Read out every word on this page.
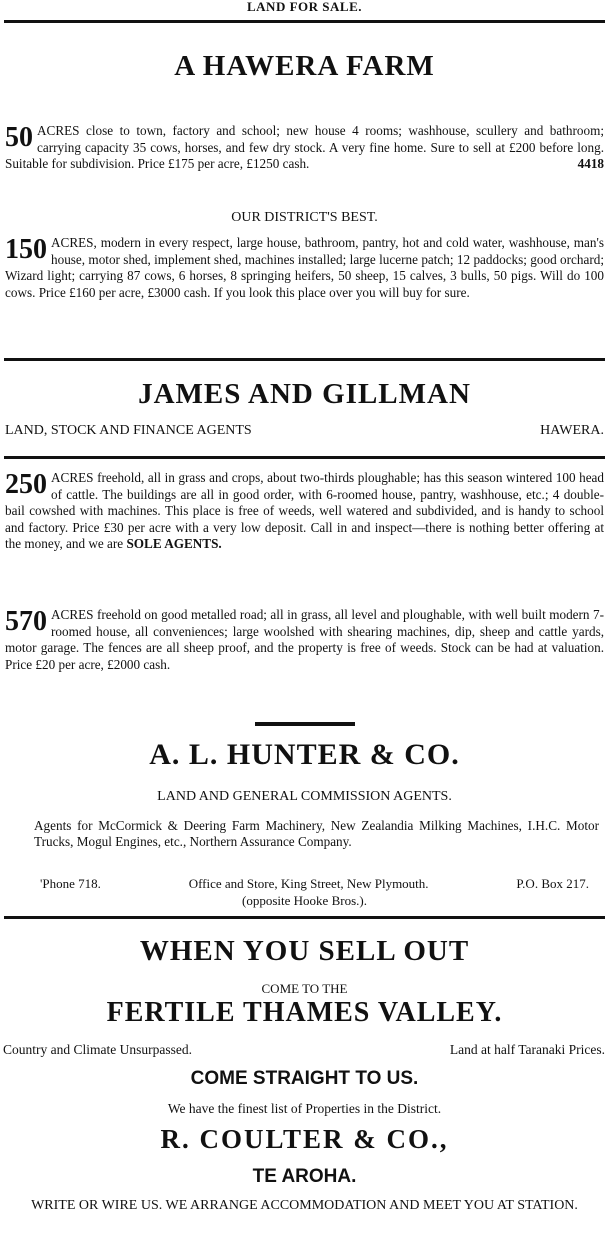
LAND FOR SALE.
A HAWERA FARM
50 ACRES close to town, factory and school; new house 4 rooms; washhouse, scullery and bathroom; carrying capacity 35 cows, horses, and few dry stock. A very fine home. Sure to sell at £200 before long. Suitable for subdivision. Price £175 per acre, £1250 cash.	4418
OUR DISTRICT'S BEST.
150 ACRES, modern in every respect, large house, bathroom, pantry, hot and cold water, washhouse, man's house, motor shed, implement shed, machines installed; large lucerne patch; 12 paddocks; good orchard; Wizard light; carrying 87 cows, 6 horses, 8 springing heifers, 50 sheep, 15 calves, 3 bulls, 50 pigs. Will do 100 cows. Price £160 per acre, £3000 cash. If you look this place over you will buy for sure.
JAMES AND GILLMAN
LAND, STOCK AND FINANCE AGENTS	HAWERA.
250 ACRES freehold, all in grass and crops, about two-thirds ploughable; has this season wintered 100 head of cattle. The buildings are all in good order, with 6-roomed house, pantry, washhouse, etc.; 4 double-bail cowshed with machines. This place is free of weeds, well watered and subdivided, and is handy to school and factory. Price £30 per acre with a very low deposit. Call in and inspect—there is nothing better offering at the money, and we are SOLE AGENTS.
570 ACRES freehold on good metalled road; all in grass, all level and ploughable, with well built modern 7-roomed house, all conveniences; large woolshed with shearing machines, dip, sheep and cattle yards, motor garage. The fences are all sheep proof, and the property is free of weeds. Stock can be had at valuation. Price £20 per acre, £2000 cash.
A. L. HUNTER & CO.
LAND AND GENERAL COMMISSION AGENTS.
Agents for McCormick & Deering Farm Machinery, New Zealandia Milking Machines, I.H.C. Motor Trucks, Mogul Engines, etc., Northern Assurance Company.
'Phone 718.	Office and Store, King Street, New Plymouth.	P.O. Box 217.
(opposite Hooke Bros.).
WHEN YOU SELL OUT
COME TO THE
FERTILE THAMES VALLEY.
Country and Climate Unsurpassed.	Land at half Taranaki Prices.
COME STRAIGHT TO US.
We have the finest list of Properties in the District.
R. COULTER & CO.,
TE AROHA.
WRITE OR WIRE US. WE ARRANGE ACCOMMODATION AND MEET YOU AT STATION.
